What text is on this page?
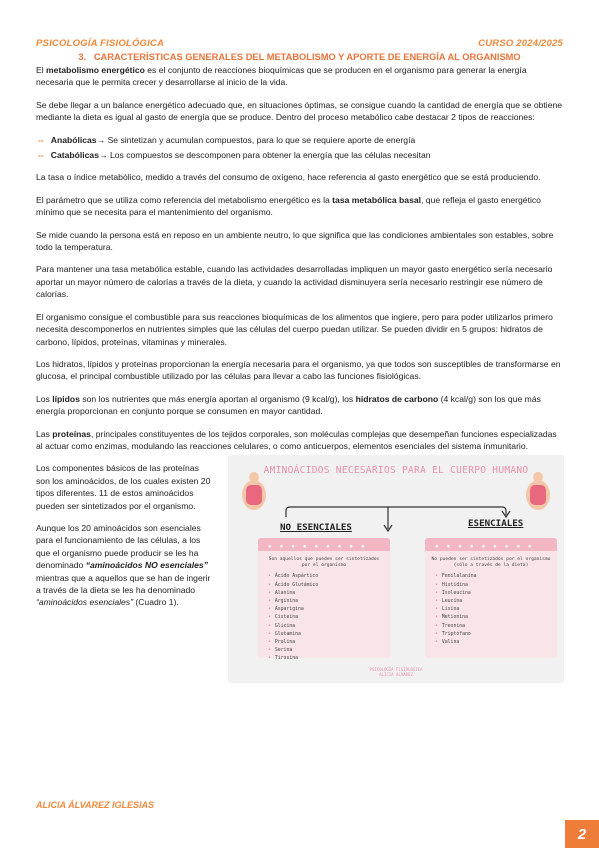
PSICOLOGÍA FISIOLÓGICA	CURSO 2024/2025
3.   CARACTERÍSTICAS GENERALES DEL METABOLISMO Y APORTE DE ENERGÍA AL ORGANISMO

El metabolismo energético es el conjunto de reacciones bioquímicas que se producen en el organismo para generar la energía necesaria que le permita crecer y desarrollarse al inicio de la vida.

Se debe llegar a un balance energético adecuado que, en situaciones óptimas, se consigue cuando la cantidad de energía que se obtiene mediante la dieta es igual al gasto de energía que se produce. Dentro del proceso metabólico cabe destacar 2 tipos de reacciones:

-‐ Anabólicas→ Se sintetizan y acumulan compuestos, para lo que se requiere aporte de energía
-‐ Catabólicas→ Los compuestos se descomponen para obtener la energía que las células necesitan

La tasa o índice metabólico, medido a través del consumo de oxígeno, hace referencia al gasto energético que se está produciendo.

El parámetro que se utiliza como referencia del metabolismo energético es la tasa metabólica basal, que refleja el gasto energético mínimo que se necesita para el mantenimiento del organismo.

Se mide cuando la persona está en reposo en un ambiente neutro, lo que significa que las condiciones ambientales son estables, sobre todo la temperatura.

Para mantener una tasa metabólica estable, cuando las actividades desarrolladas impliquen un mayor gasto energético sería necesario aportar un mayor número de calorías a través de la dieta, y cuando la actividad disminuyera sería necesario restringir ese número de calorías.

El organismo consigue el combustible para sus reacciones bioquímicas de los alimentos que ingiere, pero para poder utilizarlos primero necesita descomponerlos en nutrientes simples que las células del cuerpo puedan utilizar. Se pueden dividir en 5 grupos: hidratos de carbono, lípidos, proteínas, vitaminas y minerales.

Los hidratos, lípidos y proteínas proporcionan la energía necesaria para el organismo, ya que todos son susceptibles de transformarse en glucosa, el principal combustible utilizado por las células para llevar a cabo las funciones fisiológicas.

Los lípidos son los nutrientes que más energía aportan al organismo (9 kcal/g), los hidratos de carbono (4 kcal/g) son los que más energía proporcionan en conjunto porque se consumen en mayor cantidad.

Las proteínas, principales constituyentes de los tejidos corporales, son moléculas complejas que desempeñan funciones especializadas al actuar como enzimas, modulando las reacciones celulares, o como anticuerpos, elementos esenciales del sistema inmunitario.

Los componentes básicos de las proteínas son los aminoácidos, de los cuales existen 20 tipos diferentes. 11 de estos aminoácidos pueden ser sintetizados por el organismo.

Aunque los 20 aminoácidos son esenciales para el funcionamiento de las células, a los que el organismo puede producir se les ha denominado “aminoácidos NO esenciales” mientras que a aquellos que se han de ingerir a través de la dieta se les ha denominado “aminoácidos esenciales” (Cuadro 1).

AMINOÁCIDOS NECESARIOS PARA EL CUERPO HUMANO
NO ESENCIALES	ESENCIALES
●●●●●●●●●
Son aquellos que pueden ser sintetizados por el organismo
• Ácido Aspártico
• Ácido Glutámico
• Alanina
• Arginina
• Asparigina
• Cisteína
• Glicina
• Glutamina
• Prolina
• Serina
• Tirosina
●●●●●●●●●
No pueden ser sintetizados por el organismo (sólo a través de la dieta)
• Fenilalanina
• Histidina
• Isoleucina
• Leucina
• Lisina
• Metionina
• Treonina
• Triptófano
• Valina
PSICOLOGÍA FISIOLÓGICA
ALICIA ÁLVAREZ
ALICIA ÁLVAREZ IGLESIAS
2
